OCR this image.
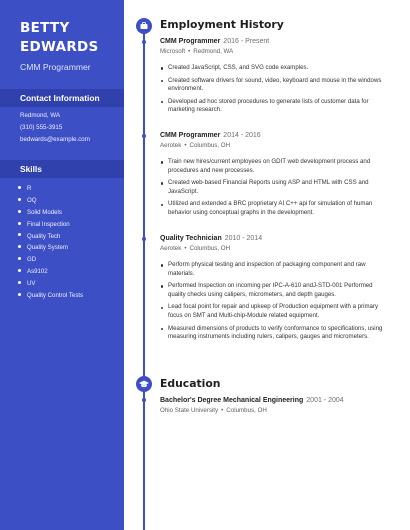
BETTY
EDWARDS
CMM Programmer
Contact Information
Redmond, WA
(310) 555-3915
bedwards@example.com
Skills
R
OQ
Solid Models
Final Inspection
Quality Tech
Quality System
GD
As9102
UV
Quality Control Tests
Employment History
CMM Programmer 2016 - Present
Microsoft • Redmond, WA
Created JavaScript, CSS, and SVG code examples.
Created software drivers for sound, video, keyboard and mouse in the windows environment.
Developed ad hoc stored procedures to generate lists of customer data for marketing research.
CMM Programmer 2014 - 2016
Aerotek • Columbus, OH
Train new hires/current employees on GDIT web development process and procedures and new processes.
Created web-based Financial Reports using ASP and HTML with CSS and JavaScript.
Utilized and extended a BRC proprietary AI C++ api for simulation of human behavior using conceptual graphs in the development.
Quality Technician 2010 - 2014
Aerotek • Columbus, OH
Perform physical testing and inspection of packaging component and raw materials.
Performed Inspection on incoming per IPC-A-610 andJ-STD-001 Performed quality checks using calipers, micrometers, and depth gauges.
Lead focal point for repair and upkeep of Production equipment with a primary focus on SMT and Multi-chip-Module related equipment.
Measured dimensions of products to verify conformance to specifications, using measuring instruments including rulers, calipers, gauges and micrometers.
Education
Bachelor's Degree Mechanical Engineering 2001 - 2004
Ohio State University • Columbus, OH
